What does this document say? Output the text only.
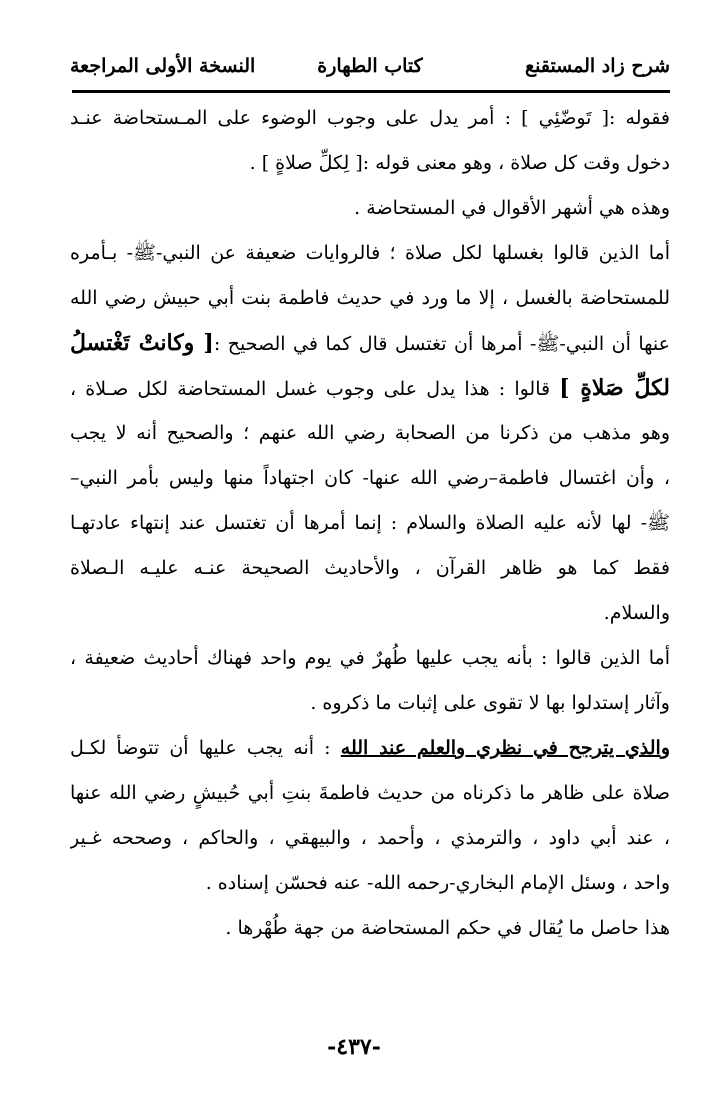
شرح زاد المستقنع
كتاب الطهارة
النسخة الأولى المراجعة
فقوله :[ تَوضّئِي ] : أمر يدل على وجوب الوضوء على المـستحاضة عنـد
دخول وقت كل صلاة ، وهو معنى قوله :[ لِكلِّ صلاةٍ ] .
وهذه هي أشهر الأقوال في المستحاضة .
أما الذين قالوا بغسلها لكل صلاة ؛ فالروايات ضعيفة عن النبي-ﷺ- بـأمره
للمستحاضة بالغسل ، إلا ما ورد في حديث فاطمة بنت أبي حبيش رضي الله
عنها أن النبي-ﷺ- أمرها أن تغتسل قال كما في الصحيح :[ وكانتْ تَغْتسلُ
لكلِّ صَلاةٍ ] قالوا : هذا يدل على وجوب غسل المستحاضة لكل صـلاة ،
وهو مذهب من ذكرنا من الصحابة رضي الله عنهم ؛ والصحيح أنه لا يجب
، وأن اغتسال فاطمة–رضي الله عنها- كان اجتهاداً منها وليس بأمر النبي–
ﷺ- لها لأنه عليه الصلاة والسلام : إنما أمرها أن تغتسل عند إنتهاء عادتهـا
فقط كما هو ظاهر القرآن ، والأحاديث الصحيحة عنـه عليـه الـصلاة
والسلام.
أما الذين قالوا : بأنه يجب عليها طُهرٌ في يوم واحد فهناك أحاديث ضعيفة ،
وآثار إستدلوا بها لا تقوى على إثبات ما ذكروه .
والذي يترجح في نظري والعلم عند الله : أنه يجب عليها أن تتوضأ لكـل
صلاة على ظاهر ما ذكرناه من حديث فاطمةَ بنتِ أبي حُبيشٍ رضي الله عنها
، عند أبي داود ، والترمذي ، وأحمد ، والبيهقي ، والحاكم ، وصححه غـير
واحد ، وسئل الإمام البخاري-رحمه الله- عنه فحسّن إسناده .
هذا حاصل ما يُقال في حكم المستحاضة من جهة طُهْرها .
-٤٣٧-
